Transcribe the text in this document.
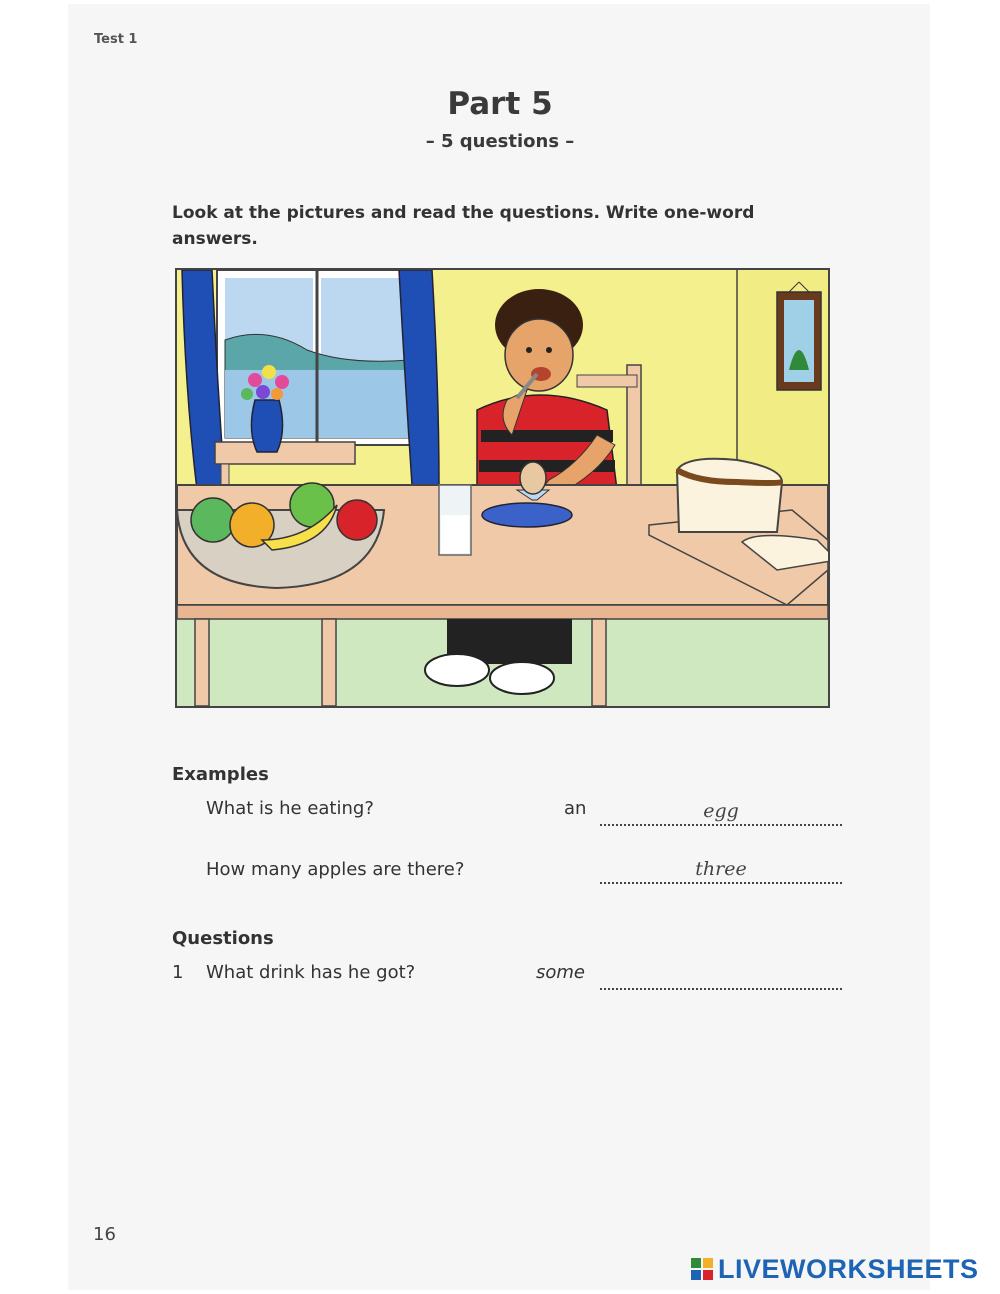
Test 1
Part 5
– 5 questions –
Look at the pictures and read the questions. Write one-word answers.
Examples
What is he eating?	an	egg
How many apples are there?	three
Questions
1 What drink has he got?	some
16
LIVEWORKSHEETS
